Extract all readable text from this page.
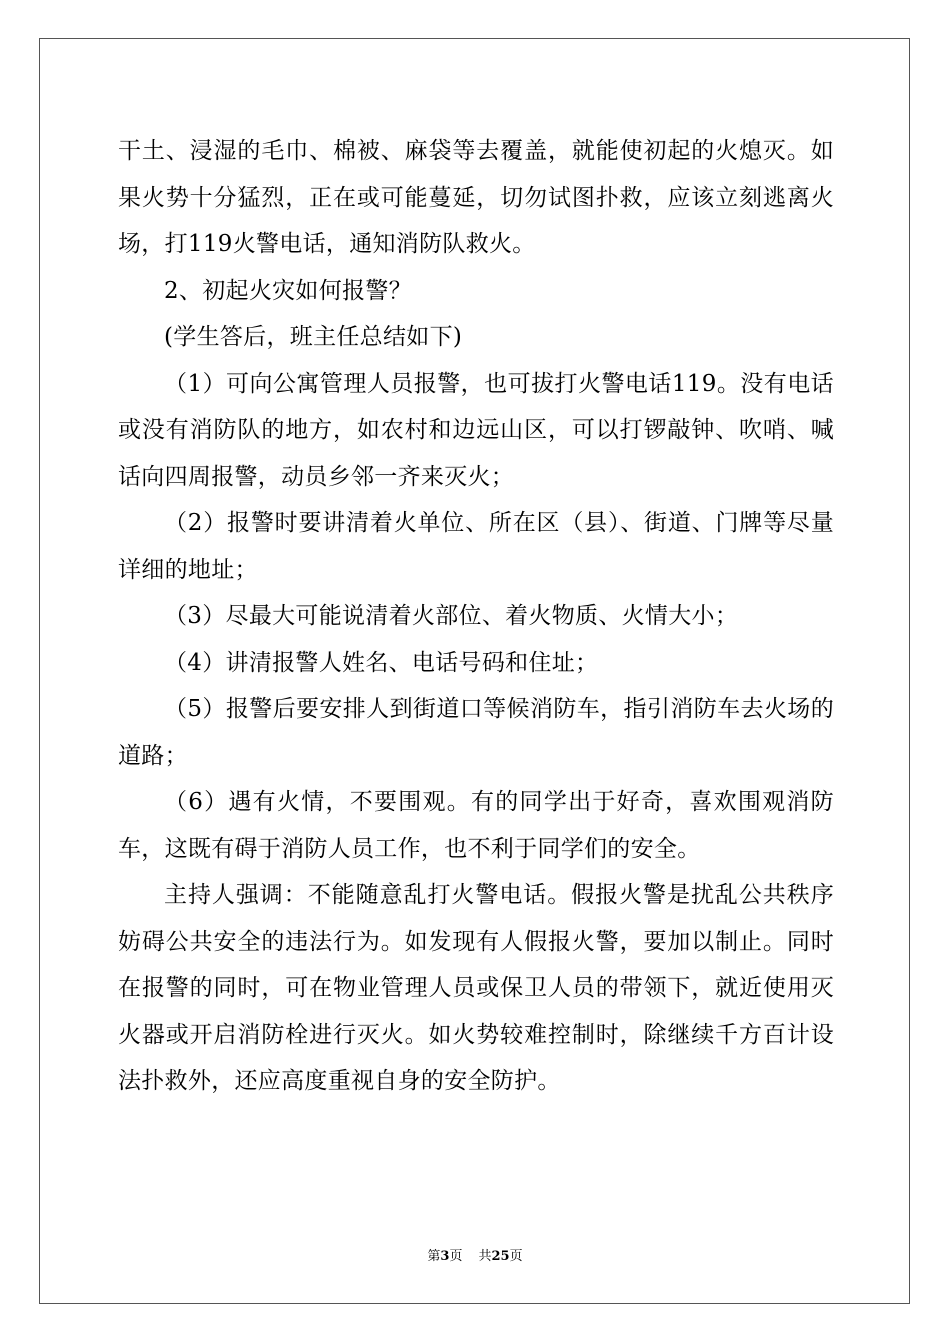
干土、浸湿的毛巾、棉被、麻袋等去覆盖，就能使初起的火熄灭。如果火势十分猛烈，正在或可能蔓延，切勿试图扑救，应该立刻逃离火场，打119火警电话，通知消防队救火。

2、初起火灾如何报警？

(学生答后，班主任总结如下)

（1）可向公寓管理人员报警，也可拔打火警电话119。没有电话或没有消防队的地方，如农村和边远山区，可以打锣敲钟、吹哨、喊话向四周报警，动员乡邻一齐来灭火；

（2）报警时要讲清着火单位、所在区（县）、街道、门牌等尽量详细的地址；

（3）尽最大可能说清着火部位、着火物质、火情大小；

（4）讲清报警人姓名、电话号码和住址；

（5）报警后要安排人到街道口等候消防车，指引消防车去火场的道路；

（6）遇有火情，不要围观。有的同学出于好奇，喜欢围观消防车，这既有碍于消防人员工作，也不利于同学们的安全。

主持人强调：不能随意乱打火警电话。假报火警是扰乱公共秩序妨碍公共安全的违法行为。如发现有人假报火警，要加以制止。同时在报警的同时，可在物业管理人员或保卫人员的带领下，就近使用灭火器或开启消防栓进行灭火。如火势较难控制时，除继续千方百计设法扑救外，还应高度重视自身的安全防护。

第3页 共25页
